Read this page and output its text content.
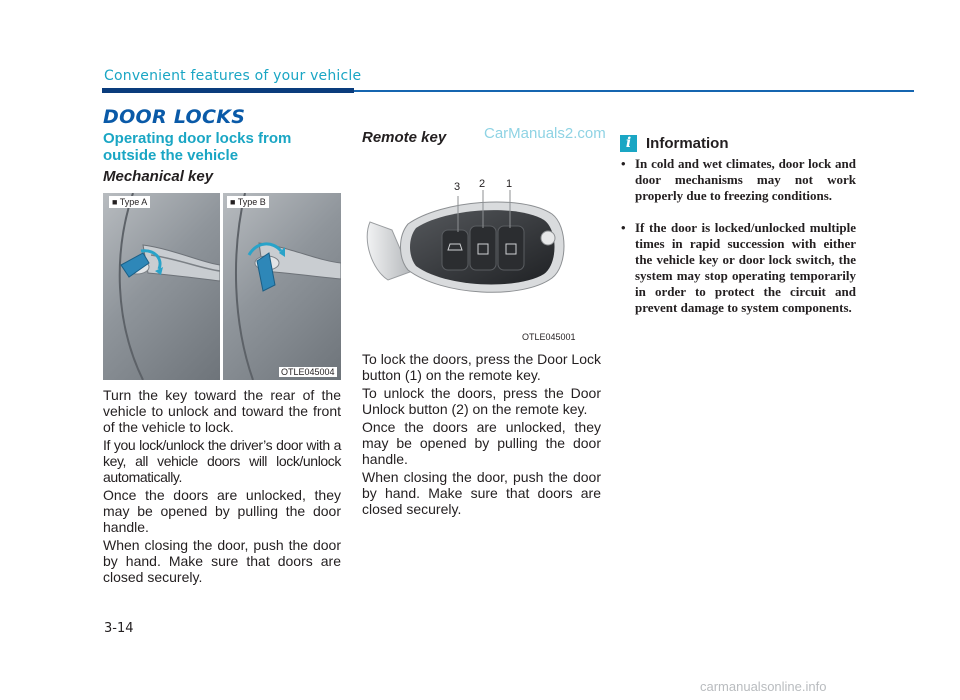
Convenient features of your vehicle
DOOR LOCKS
Operating door locks from
outside the vehicle
Mechanical key
■ Type A	■ Type B
OTLE045004
Turn the key toward the rear of the vehicle to unlock and toward the front of the vehicle to lock.
If you lock/unlock the driver’s door with a key, all vehicle doors will lock/unlock automatically.
Once the doors are unlocked, they may be opened by pulling the door handle.
When closing the door, push the door by hand. Make sure that doors are closed securely.
Remote key	CarManuals2.com
3 2 1
OTLE045001
To lock the doors, press the Door Lock button (1) on the remote key.
To unlock the doors, press the Door Unlock button (2) on the remote key.
Once the doors are unlocked, they may be opened by pulling the door handle.
When closing the door, push the door by hand. Make sure that doors are closed securely.
i Information
• In cold and wet climates, door lock and door mechanisms may not work properly due to freezing conditions.
• If the door is locked/unlocked multiple times in rapid succession with either the vehicle key or door lock switch, the system may stop operating temporarily in order to protect the circuit and prevent damage to system components.
3-14
carmanualsonline.info
